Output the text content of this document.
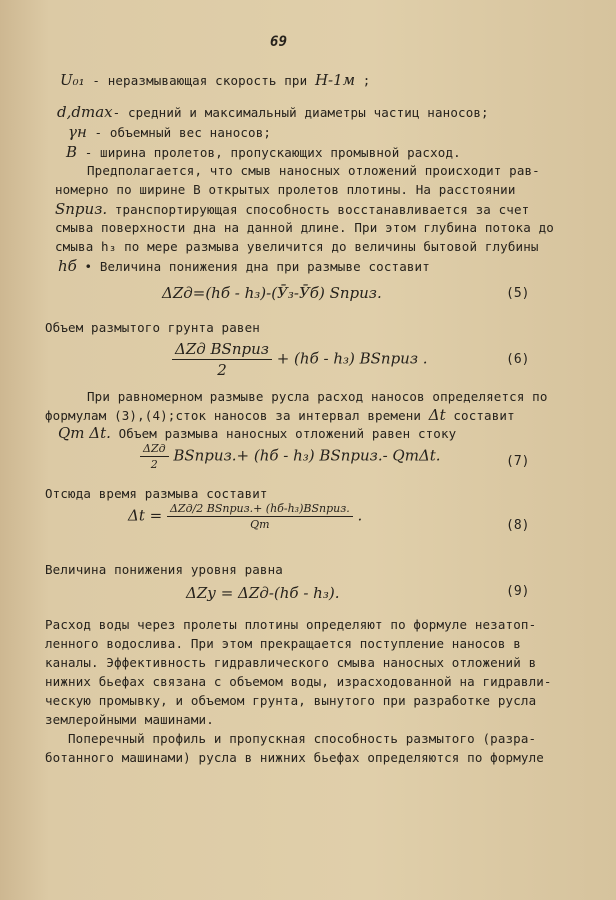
69
U₀₁ - неразмывающая скорость при H-1м ;
d,dmax- средний и максимальный диаметры частиц наносов;
γн - объемный вес наносов;
B - ширина пролетов, пропускающих промывной расход.
Предполагается, что смыв наносных отложений происходит рав-
номерно по ширине B открытых пролетов плотины. На расстоянии
Sприз. транспортирующая способность восстанавливается за счет
смыва поверхности дна на данной длине. При этом глубина потока до
смыва h₃ по мере размыва увеличится до величины бытовой глубины
hб • Величина понижения дна при размыве составит
ΔZд=(hб - h₃)-(Ӯ₃-Ӯб) Sприз.	(5)
Объем размытого грунта равен
$\frac{\text{ΔZд BSприз}}{2} + (hб - h_3)$ BSприз .	(6)
При равномерном размыве русла расход наносов определяется по
формулам (3),(4);сток наносов за интервал времени Δt составит
Qт Δt. Объем размыва наносных отложений равен стоку
$\frac{\text{ΔZд}}{2}$ BSприз.+ (hб - h₃) BSприз.- QтΔt.	(7)
Отсюда время размыва составит
$\Delta t = \frac{\text{ΔZд/2 BSприз.+ (hб-h₃)BSприз.}}{Qт}$ .
(8)
Величина понижения уровня равна
ΔZу = ΔZд-(hб - h₃).	(9)
Расход воды через пролеты плотины определяют по формуле незатоп-
ленного водослива. При этом прекращается поступление наносов в
каналы. Эффективность гидравлического смыва наносных отложений в
нижних бьефах связана с объемом воды, израсходованной на гидравли-
ческую промывку, и объемом грунта, вынутого при разработке русла
землеройными машинами.
Поперечный профиль и пропускная способность размытого (разра-
ботанного машинами) русла в нижних бьефах определяются по формуле
